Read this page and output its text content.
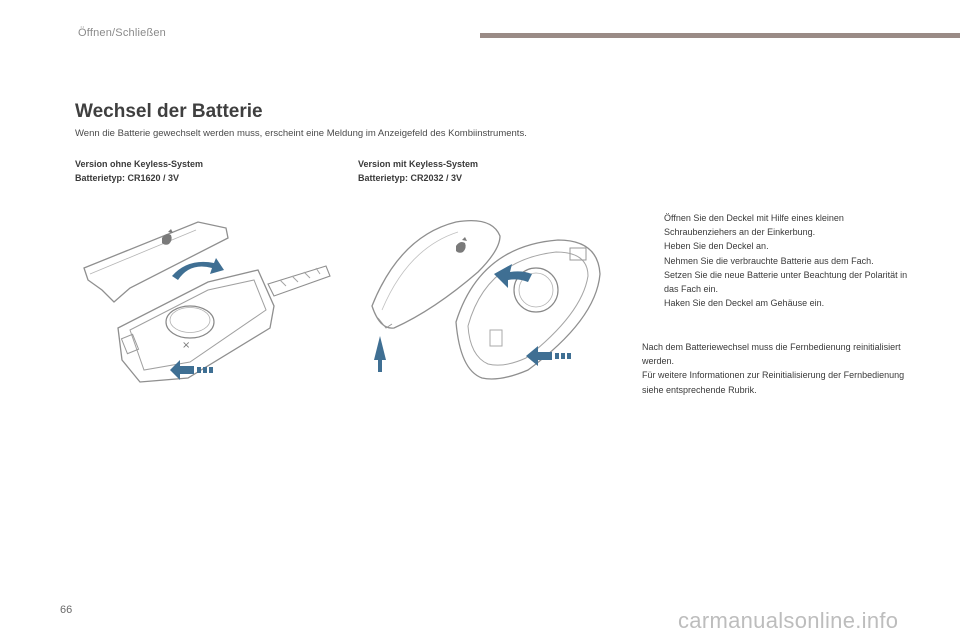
Öffnen/Schließen
Wechsel der Batterie
Wenn die Batterie gewechselt werden muss, erscheint eine Meldung im Anzeigefeld des Kombiinstruments.
Version ohne Keyless-System
Batterietyp: CR1620 / 3V
Version mit Keyless-System
Batterietyp: CR2032 / 3V
×
Öffnen Sie den Deckel mit Hilfe eines kleinen Schraubenziehers an der Einkerbung.
Heben Sie den Deckel an.
Nehmen Sie die verbrauchte Batterie aus dem Fach.
Setzen Sie die neue Batterie unter Beachtung der Polarität in das Fach ein.
Haken Sie den Deckel am Gehäuse ein.

Nach dem Batteriewechsel muss die Fernbedienung reinitialisiert werden.

Für weitere Informationen zur Reinitialisierung der Fernbedienung siehe entsprechende Rubrik.

66	carmanualsonline.info
